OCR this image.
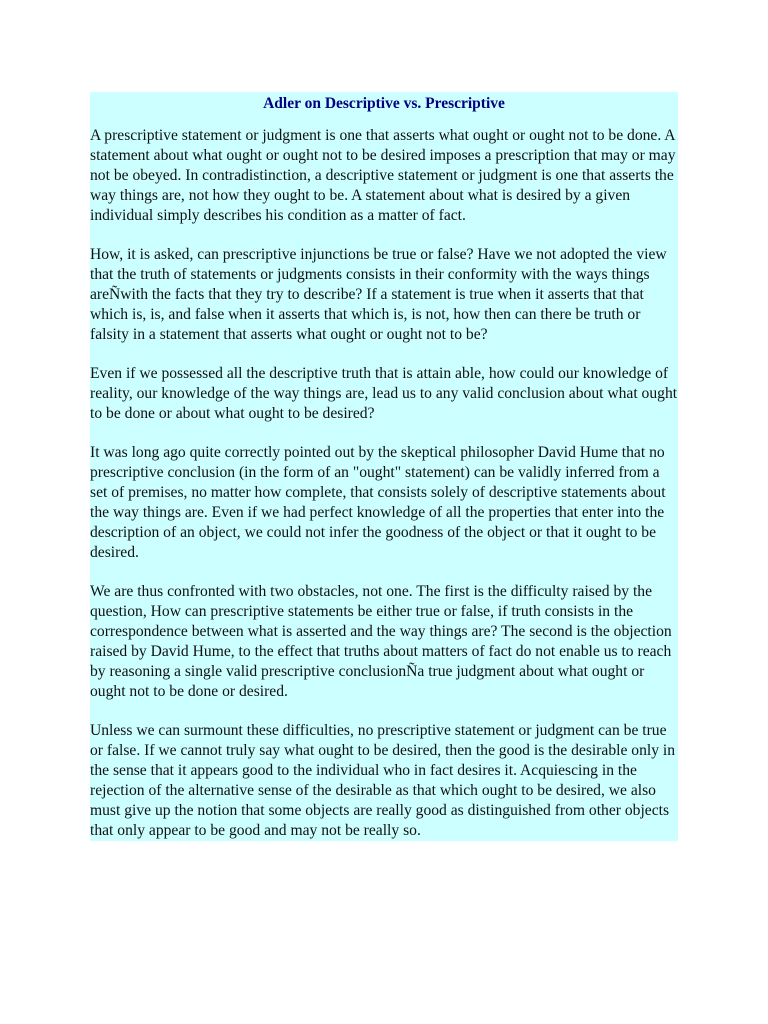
Adler on Descriptive vs. Prescriptive

A prescriptive statement or judgment is one that asserts what ought or ought not to be done. A statement about what ought or ought not to be desired imposes a prescription that may or may not be obeyed. In contradistinction, a descriptive statement or judgment is one that asserts the way things are, not how they ought to be. A statement about what is desired by a given individual simply describes his condition as a matter of fact.

How, it is asked, can prescriptive injunctions be true or false? Have we not adopted the view that the truth of statements or judgments consists in their conformity with the ways things areÑwith the facts that they try to describe? If a statement is true when it asserts that that which is, is, and false when it asserts that which is, is not, how then can there be truth or falsity in a statement that asserts what ought or ought not to be?

Even if we possessed all the descriptive truth that is attain able, how could our knowledge of reality, our knowledge of the way things are, lead us to any valid conclusion about what ought to be done or about what ought to be desired?

It was long ago quite correctly pointed out by the skeptical philosopher David Hume that no prescriptive conclusion (in the form of an "ought" statement) can be validly inferred from a set of premises, no matter how complete, that consists solely of descriptive statements about the way things are. Even if we had perfect knowledge of all the properties that enter into the description of an object, we could not infer the goodness of the object or that it ought to be desired.

We are thus confronted with two obstacles, not one. The first is the difficulty raised by the question, How can prescriptive statements be either true or false, if truth consists in the correspondence between what is asserted and the way things are? The second is the objection raised by David Hume, to the effect that truths about matters of fact do not enable us to reach by reasoning a single valid prescriptive conclusionÑa true judgment about what ought or ought not to be done or desired.

Unless we can surmount these difficulties, no prescriptive statement or judgment can be true or false. If we cannot truly say what ought to be desired, then the good is the desirable only in the sense that it appears good to the individual who in fact desires it. Acquiescing in the rejection of the alternative sense of the desirable as that which ought to be desired, we also must give up the notion that some objects are really good as distinguished from other objects that only appear to be good and may not be really so.
